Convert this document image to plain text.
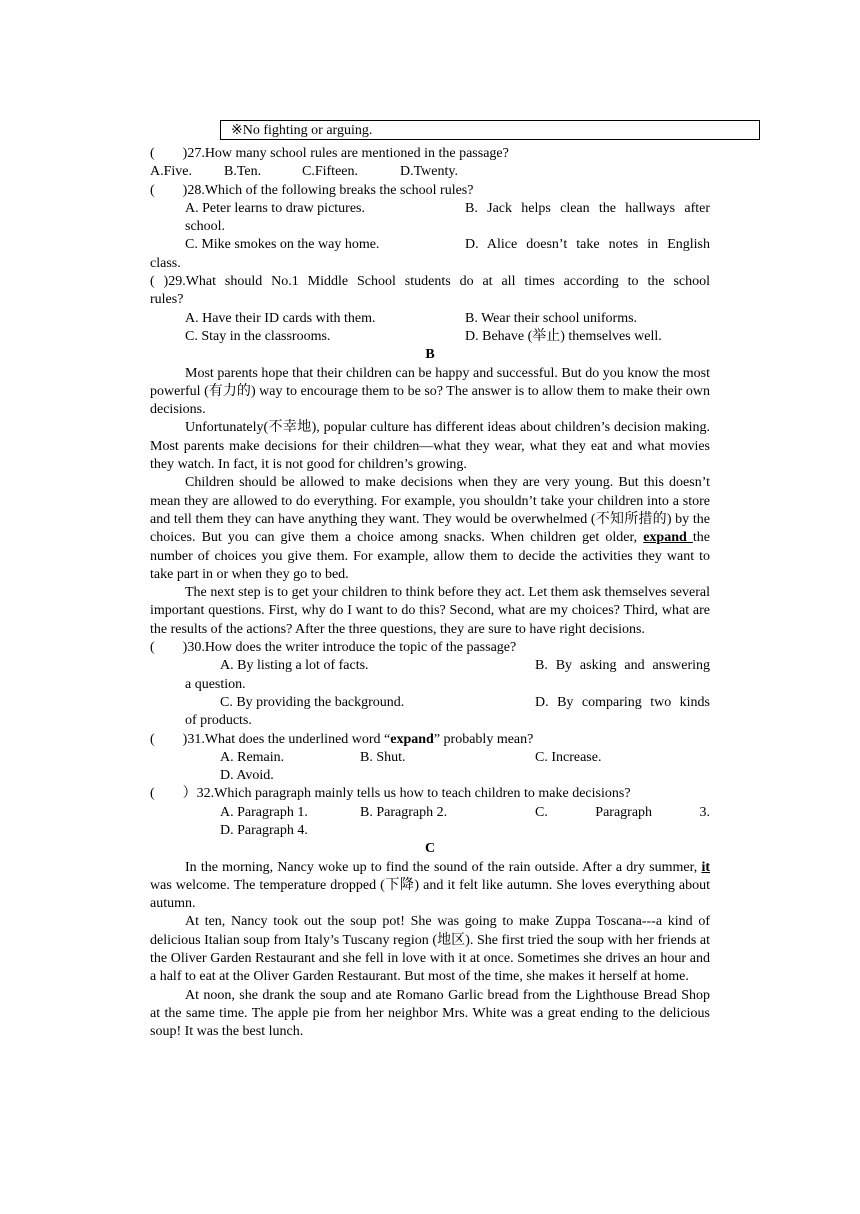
※No fighting or arguing.
(        )27.How many school rules are mentioned in the passage?
A.Five. B.Ten.	C.Fifteen.	D.Twenty.
(        )28.Which of the following breaks the school rules?
A. Peter learns to draw pictures.	B. Jack helps clean the hallways after
school.
C. Mike smokes on the way home.	D. Alice doesn’t take notes in English
class.
( )29.What should No.1 Middle School students do at all times according to the school
rules?
A. Have their ID cards with them.	B. Wear their school uniforms.
C. Stay in the classrooms.	D. Behave (举止) themselves well.
B
Most parents hope that their children can be happy and successful. But do you know the most powerful (有力的) way to encourage them to be so? The answer is to allow them to make their own decisions.
Unfortunately(不幸地), popular culture has different ideas about children’s decision making. Most parents make decisions for their children—what they wear, what they eat and what movies they watch. In fact, it is not good for children’s growing.
Children should be allowed to make decisions when they are very young. But this doesn’t mean they are allowed to do everything. For example, you shouldn’t take your children into a store and tell them they can have anything they want. They would be overwhelmed (不知所措的) by the choices. But you can give them a choice among snacks. When children get older, expand the number of choices you give them. For example, allow them to decide the activities they want to take part in or when they go to bed.
The next step is to get your children to think before they act. Let them ask themselves several important questions. First, why do I want to do this? Second, what are my choices? Third, what are the results of the actions? After the three questions, they are sure to have right decisions.
(        )30.How does the writer introduce the topic of the passage?
A. By listing a lot of facts.	B. By asking and answering
a question.
C. By providing the background.	D. By comparing two kinds
of products.
(        )31.What does the underlined word “expand” probably mean?
A. Remain.	B. Shut.	C. Increase.
D. Avoid.
(        ）32.Which paragraph mainly tells us how to teach children to make decisions?
A. Paragraph 1.	B. Paragraph 2.	C. Paragraph 3.
D. Paragraph 4.
C
In the morning, Nancy woke up to find the sound of the rain outside. After a dry summer, it was welcome. The temperature dropped (下降) and it felt like autumn. She loves everything about autumn.
At ten, Nancy took out the soup pot! She was going to make Zuppa Toscana---a kind of delicious Italian soup from Italy’s Tuscany region (地区). She first tried the soup with her friends at the Oliver Garden Restaurant and she fell in love with it at once. Sometimes she drives an hour and a half to eat at the Oliver Garden Restaurant. But most of the time, she makes it herself at home.
At noon, she drank the soup and ate Romano Garlic bread from the Lighthouse Bread Shop at the same time. The apple pie from her neighbor Mrs. White was a great ending to the delicious soup! It was the best lunch.
